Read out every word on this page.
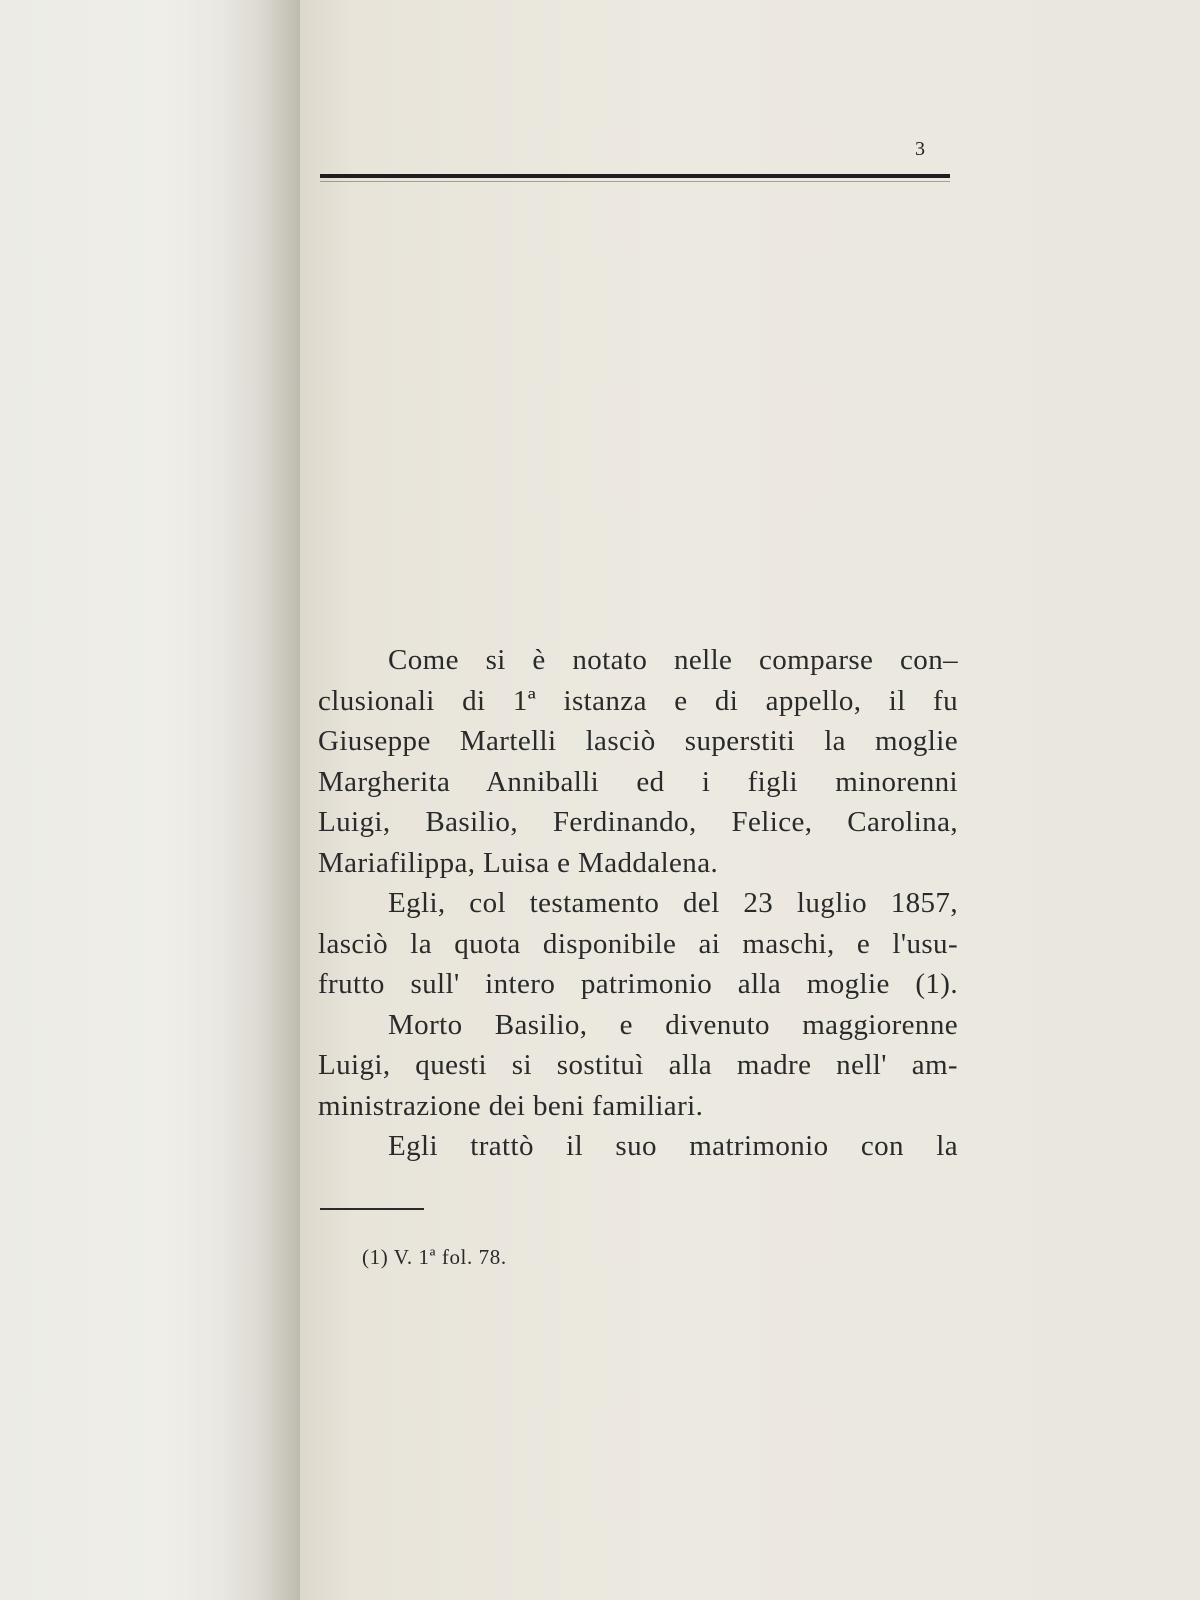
3
Come si è notato nelle comparse con–
clusionali di 1ª istanza e di appello, il fu
Giuseppe Martelli lasciò superstiti la moglie
Margherita Anniballi ed i figli minorenni
Luigi, Basilio, Ferdinando, Felice, Carolina,
Mariafilippa, Luisa e Maddalena.
Egli, col testamento del 23 luglio 1857,
lasciò la quota disponibile ai maschi, e l'usu-
frutto sull' intero patrimonio alla moglie (1).
Morto Basilio, e divenuto maggiorenne
Luigi, questi si sostituì alla madre nell' am-
ministrazione dei beni familiari.
Egli trattò il suo matrimonio con la
(1) V. 1ª fol. 78.
